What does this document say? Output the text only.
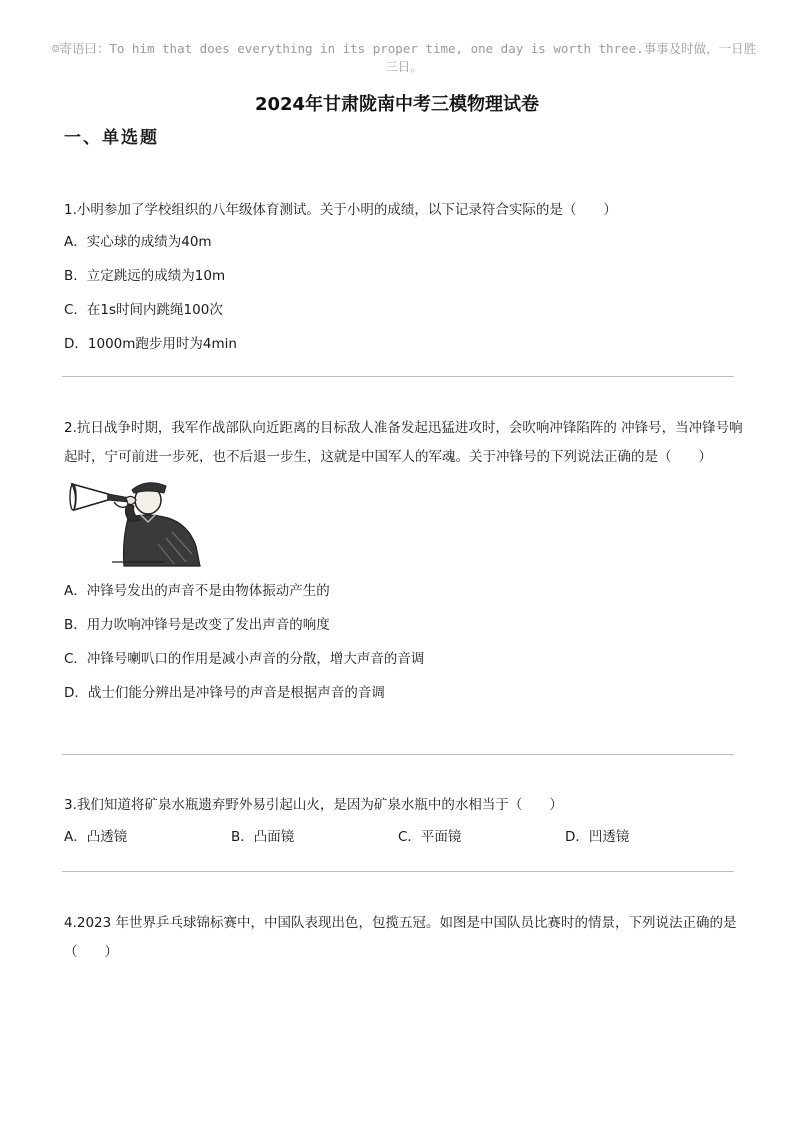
☺寄语曰：To him that does everything in its proper time, one day is worth three.事事及时做，一日胜三日。
2024年甘肃陇南中考三模物理试卷
一、单选题

1.小明参加了学校组织的八年级体育测试。关于小明的成绩，以下记录符合实际的是（　　）

A．实心球的成绩为40m

B．立定跳远的成绩为10m

C．在1s时间内跳绳100次

D．1000m跑步用时为4min

2.抗日战争时期，我军作战部队向近距离的目标敌人准备发起迅猛进攻时，会吹响冲锋陷阵的 冲锋号，当冲锋号响起时，宁可前进一步死，也不后退一步生，这就是中国军人的军魂。关于冲锋号的下列说法正确的是（　　）

A．冲锋号发出的声音不是由物体振动产生的

B．用力吹响冲锋号是改变了发出声音的响度

C．冲锋号喇叭口的作用是减小声音的分散，增大声音的音调

D．战士们能分辨出是冲锋号的声音是根据声音的音调

3.我们知道将矿泉水瓶遗弃野外易引起山火，是因为矿泉水瓶中的水相当于（　　）

A．凸透镜	B．凸面镜	C．平面镜	D．凹透镜

4.2023 年世界乒乓球锦标赛中，中国队表现出色，包揽五冠。如图是中国队员比赛时的情景，下列说法正确的是（　　）
